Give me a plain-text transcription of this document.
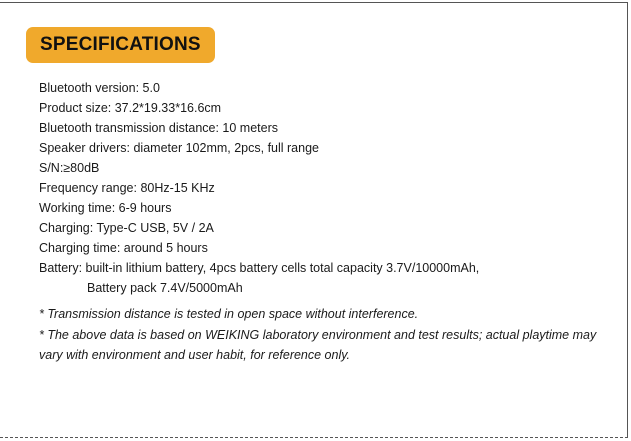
SPECIFICATIONS
Bluetooth version: 5.0
Product size: 37.2*19.33*16.6cm
Bluetooth transmission distance: 10 meters
Speaker drivers: diameter 102mm, 2pcs, full range
S/N:≥80dB
Frequency range: 80Hz-15 KHz
Working time: 6-9 hours
Charging: Type-C USB, 5V / 2A
Charging time: around 5 hours
Battery: built-in lithium battery, 4pcs battery cells total capacity 3.7V/10000mAh,
Battery pack 7.4V/5000mAh

* Transmission distance is tested in open space without interference.

* The above data is based on WEIKING laboratory environment and test results; actual playtime may vary with environment and user habit, for reference only.
